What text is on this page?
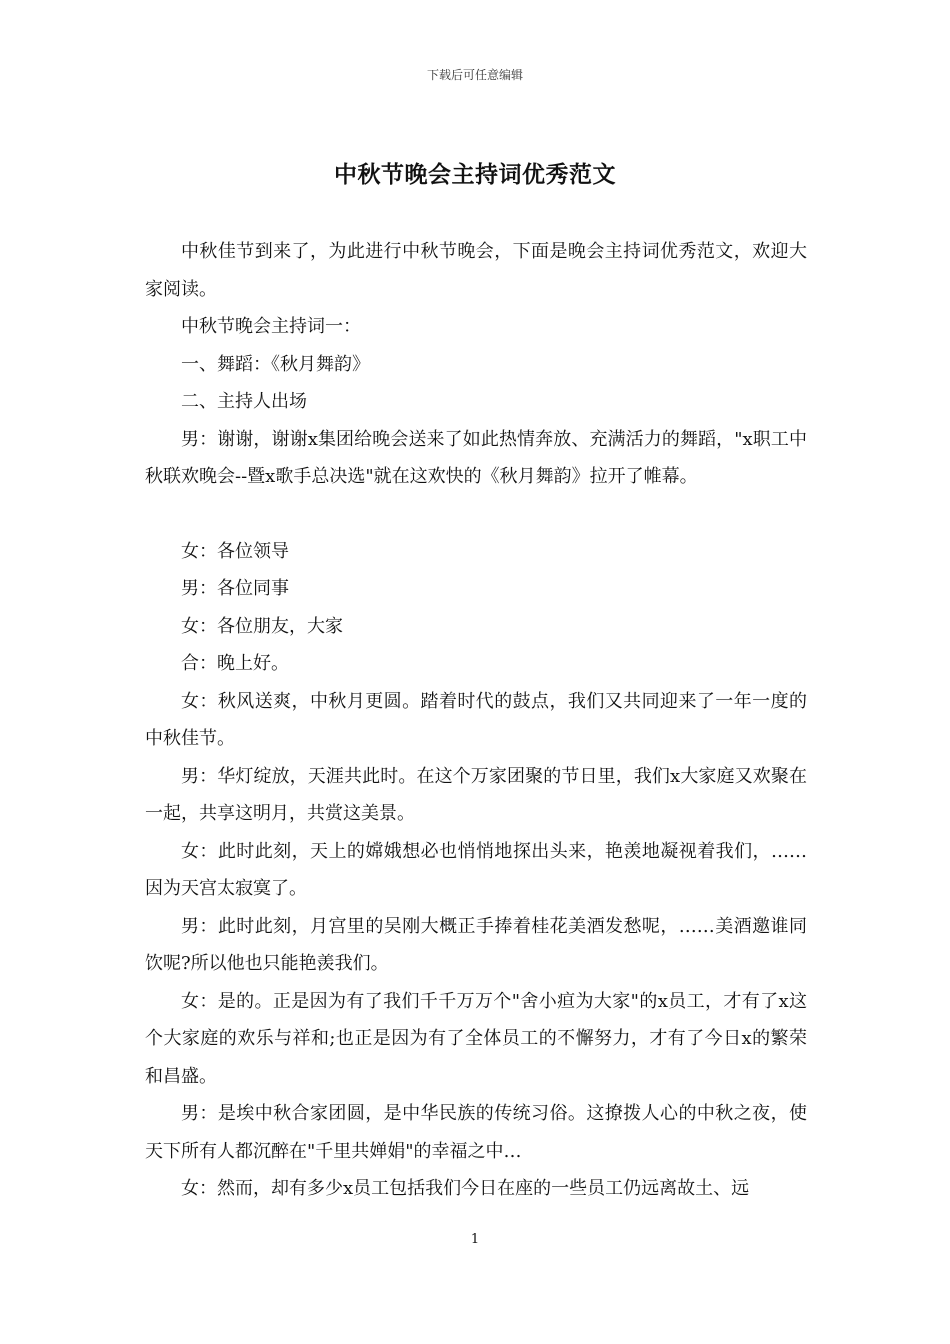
下载后可任意编辑
中秋节晚会主持词优秀范文

中秋佳节到来了，为此进行中秋节晚会，下面是晚会主持词优秀范文，欢迎大家阅读。

中秋节晚会主持词一：

一、舞蹈：《秋月舞韵》

二、主持人出场

男：谢谢，谢谢x集团给晚会送来了如此热情奔放、充满活力的舞蹈，"x职工中秋联欢晚会--暨x歌手总决选"就在这欢快的《秋月舞韵》拉开了帷幕。

女：各位领导

男：各位同事

女：各位朋友，大家

合：晚上好。

女：秋风送爽，中秋月更圆。踏着时代的鼓点，我们又共同迎来了一年一度的中秋佳节。

男：华灯绽放，天涯共此时。在这个万家团聚的节日里，我们x大家庭又欢聚在一起，共享这明月，共赏这美景。

女：此时此刻，天上的嫦娥想必也悄悄地探出头来，艳羡地凝视着我们，……因为天宫太寂寞了。

男：此时此刻，月宫里的吴刚大概正手捧着桂花美酒发愁呢，……美酒邀谁同饮呢?所以他也只能艳羡我们。

女：是的。正是因为有了我们千千万万个"舍小疸为大家"的x员工，才有了x这个大家庭的欢乐与祥和;也正是因为有了全体员工的不懈努力，才有了今日x的繁荣和昌盛。

男：是埃中秋合家团圆，是中华民族的传统习俗。这撩拨人心的中秋之夜，使天下所有人都沉醉在"千里共婵娟"的幸福之中…

女：然而，却有多少x员工包括我们今日在座的一些员工仍远离故土、远

1
